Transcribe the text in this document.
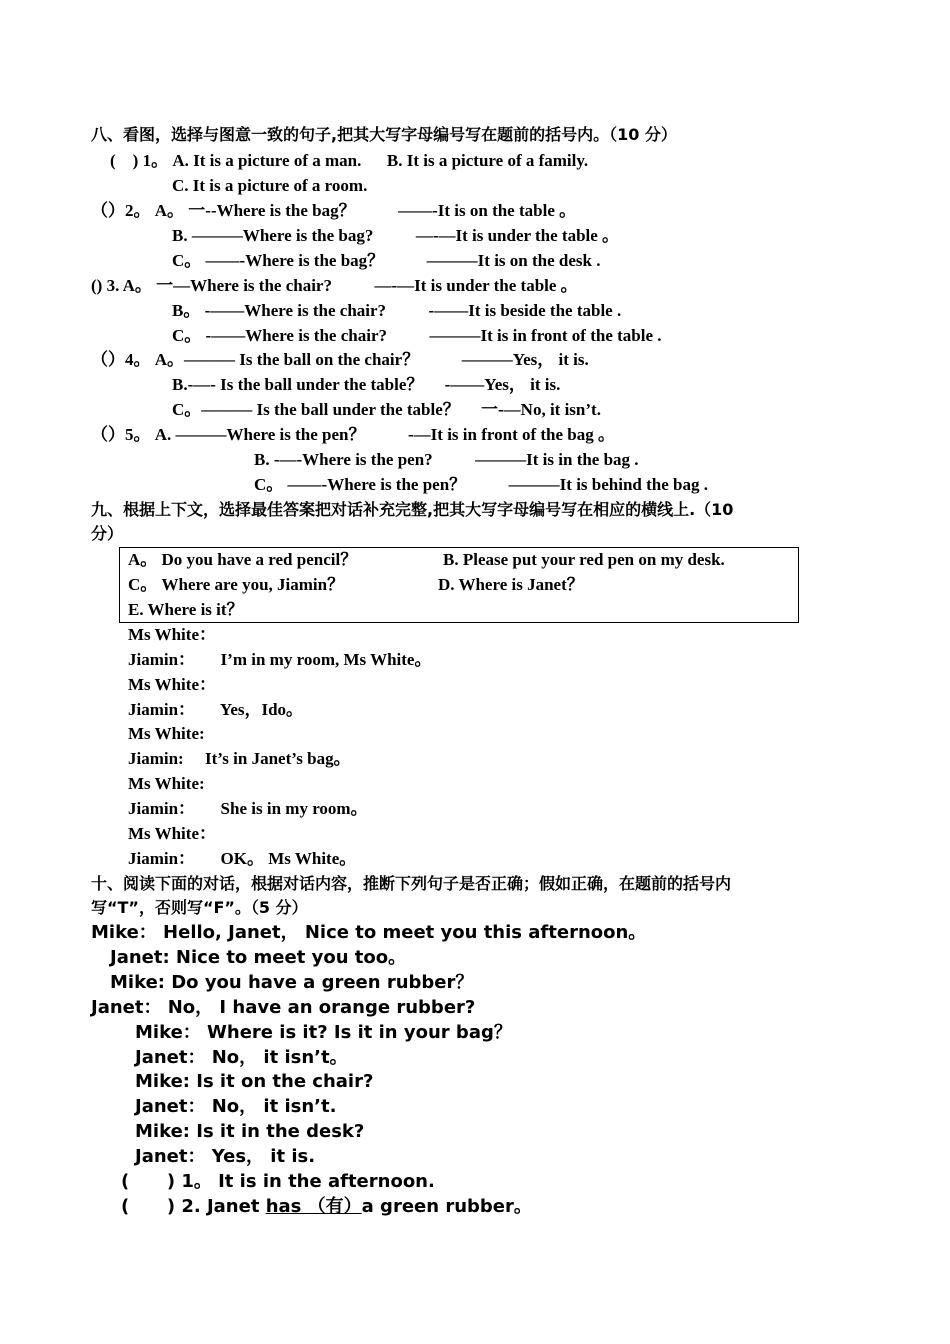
八、看图，选择与图意一致的句子,把其大写字母编号写在题前的括号内。（10 分）
(    ) 1。 A. It is a picture of a man.      B. It is a picture of a family.
C. It is a picture of a room.
（）2。 A。 一--Where is the bag？          ——-It is on the table 。
B. ———Where is the bag?          —-—It is under the table 。
C。 ——-Where is the bag？          ———It is on the desk .
() 3. A。 一—Where is the chair?          —-—It is under the table 。
B。 -——Where is the chair?          -——It is beside the table .
C。 -——Where is the chair?          ———It is in front of the table .
（）4。 A。——— Is the ball on the chair？          ———Yes， it is.
B.-—- Is the ball under the table？     -——Yes， it is.
C。——— Is the ball under the table？     一-—No, it isn’t.
（）5。 A. ———Where is the pen？          -—It is in front of the bag 。
B. -—-Where is the pen?          ———It is in the bag .
C。 ——-Where is the pen？          ———It is behind the bag .
九、根据上下文，选择最佳答案把对话补充完整,把其大写字母编号写在相应的横线上.（10
分）
A。 Do you have a red pencil？	B. Please put your red pen on my desk.
C。 Where are you, Jiamin？	D. Where is Janet？
E. Where is it？
Ms White：
Jiamin：      I’m in my room, Ms White。
Ms White：
Jiamin：      Yes，Ido。
Ms White:
Jiamin:     It’s in Janet’s bag。
Ms White:
Jiamin：      She is in my room。
Ms White：
Jiamin：      OK。 Ms White。
十、阅读下面的对话，根据对话内容，推断下列句子是否正确；假如正确，在题前的括号内
写“T”，否则写“F”。（5 分）
Mike： Hello, Janet， Nice to meet you this afternoon。
Janet: Nice to meet you too。
Mike: Do you have a green rubber？
Janet： No， I have an orange rubber?
Mike： Where is it? Is it in your bag？
Janet： No， it isn’t。
Mike: Is it on the chair?
Janet： No， it isn’t.
Mike: Is it in the desk?
Janet： Yes， it is.
(      ) 1。 It is in the afternoon.
(      ) 2. Janet has （有）a green rubber。
